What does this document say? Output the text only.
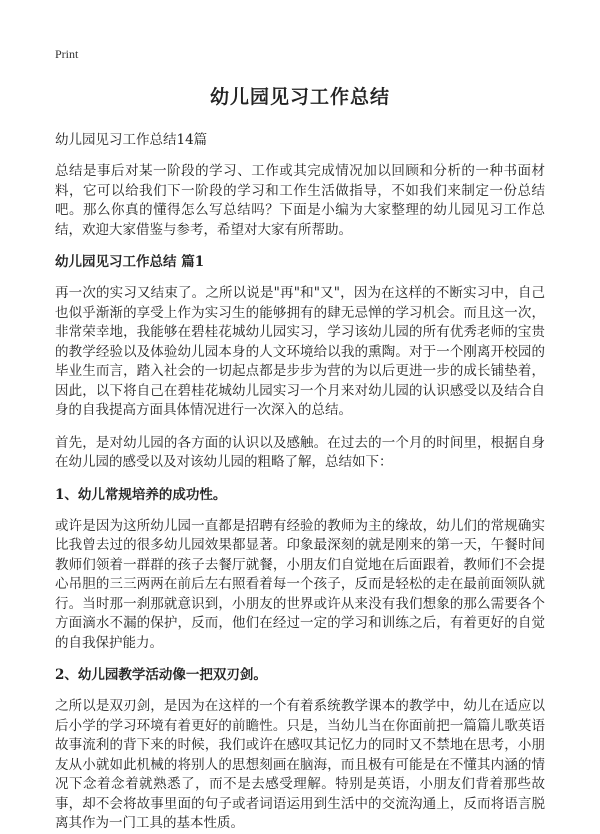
Print
幼儿园见习工作总结
幼儿园见习工作总结14篇
总结是事后对某一阶段的学习、工作或其完成情况加以回顾和分析的一种书面材料，它可以给我们下一阶段的学习和工作生活做指导，不如我们来制定一份总结吧。那么你真的懂得怎么写总结吗？下面是小编为大家整理的幼儿园见习工作总结，欢迎大家借鉴与参考，希望对大家有所帮助。
幼儿园见习工作总结 篇1
再一次的实习又结束了。之所以说是"再"和"又"，因为在这样的不断实习中，自己也似乎渐渐的享受上作为实习生的能够拥有的肆无忌惮的学习机会。而且这一次，非常荣幸地，我能够在碧桂花城幼儿园实习，学习该幼儿园的所有优秀老师的宝贵的教学经验以及体验幼儿园本身的人文环境给以我的熏陶。对于一个刚离开校园的毕业生而言，踏入社会的一切起点都是步步为营的为以后更进一步的成长铺垫着，因此，以下将自己在碧桂花城幼儿园实习一个月来对幼儿园的认识感受以及结合自身的自我提高方面具体情况进行一次深入的总结。
首先，是对幼儿园的各方面的认识以及感触。在过去的一个月的时间里，根据自身在幼儿园的感受以及对该幼儿园的粗略了解，总结如下：
1、幼儿常规培养的成功性。
或许是因为这所幼儿园一直都是招聘有经验的教师为主的缘故，幼儿们的常规确实比我曾去过的很多幼儿园效果都显著。印象最深刻的就是刚来的第一天，午餐时间教师们领着一群群的孩子去餐厅就餐，小朋友们自觉地在后面跟着，教师们不会提心吊胆的三三两两在前后左右照看着每一个孩子，反而是轻松的走在最前面领队就行。当时那一刹那就意识到，小朋友的世界或许从来没有我们想象的那么需要各个方面滴水不漏的保护，反而，他们在经过一定的学习和训练之后，有着更好的自觉的自我保护能力。
2、幼儿园教学活动像一把双刃剑。
之所以是双刃剑，是因为在这样的一个有着系统教学课本的教学中，幼儿在适应以后小学的学习环境有着更好的前瞻性。只是，当幼儿当在你面前把一篇篇儿歌英语故事流利的背下来的时候，我们或许在感叹其记忆力的同时又不禁地在思考，小朋友从小就如此机械的将别人的思想刻画在脑海，而且极有可能是在不懂其内涵的情况下念着念着就熟悉了，而不是去感受理解。特别是英语，小朋友们背着那些故事，却不会将故事里面的句子或者词语运用到生活中的交流沟通上，反而将语言脱离其作为一门工具的基本性质。
